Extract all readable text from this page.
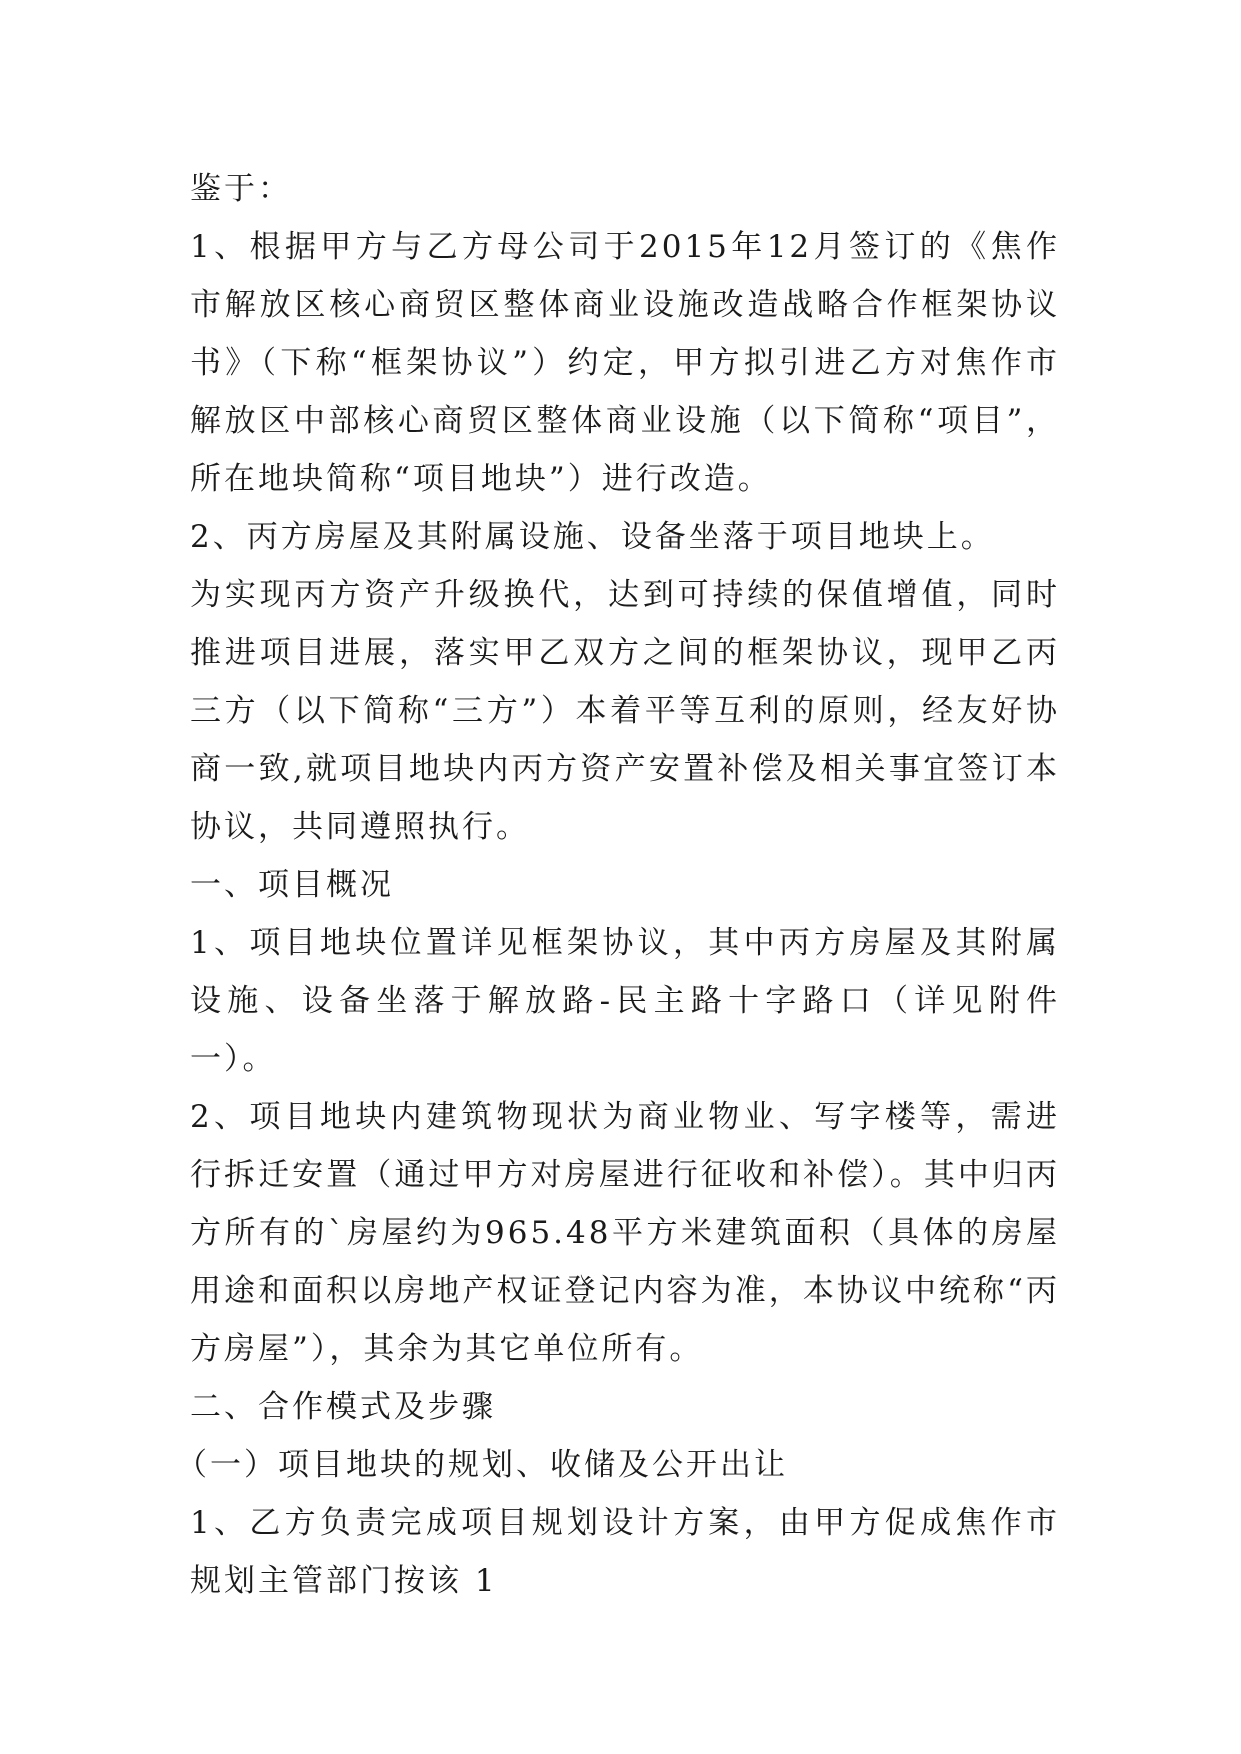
鉴于：

1、根据甲方与乙方母公司于2015年12月签订的《焦作市解放区核心商贸区整体商业设施改造战略合作框架协议书》（下称“框架协议”）约定，甲方拟引进乙方对焦作市解放区中部核心商贸区整体商业设施（以下简称“项目”，所在地块简称“项目地块”）进行改造。

2、丙方房屋及其附属设施、设备坐落于项目地块上。

为实现丙方资产升级换代，达到可持续的保值增值，同时推进项目进展，落实甲乙双方之间的框架协议，现甲乙丙三方（以下简称“三方”）本着平等互利的原则，经友好协商一致,就项目地块内丙方资产安置补偿及相关事宜签订本协议，共同遵照执行。

一、项目概况

1、项目地块位置详见框架协议，其中丙方房屋及其附属设施、设备坐落于解放路-民主路十字路口（详见附件一）。

2、项目地块内建筑物现状为商业物业、写字楼等，需进行拆迁安置（通过甲方对房屋进行征收和补偿）。其中归丙方所有的`房屋约为965.48平方米建筑面积（具体的房屋用途和面积以房地产权证登记内容为准，本协议中统称“丙方房屋”），其余为其它单位所有。

二、合作模式及步骤

（一）项目地块的规划、收储及公开出让

1、乙方负责完成项目规划设计方案，由甲方促成焦作市规划主管部门按该 1
